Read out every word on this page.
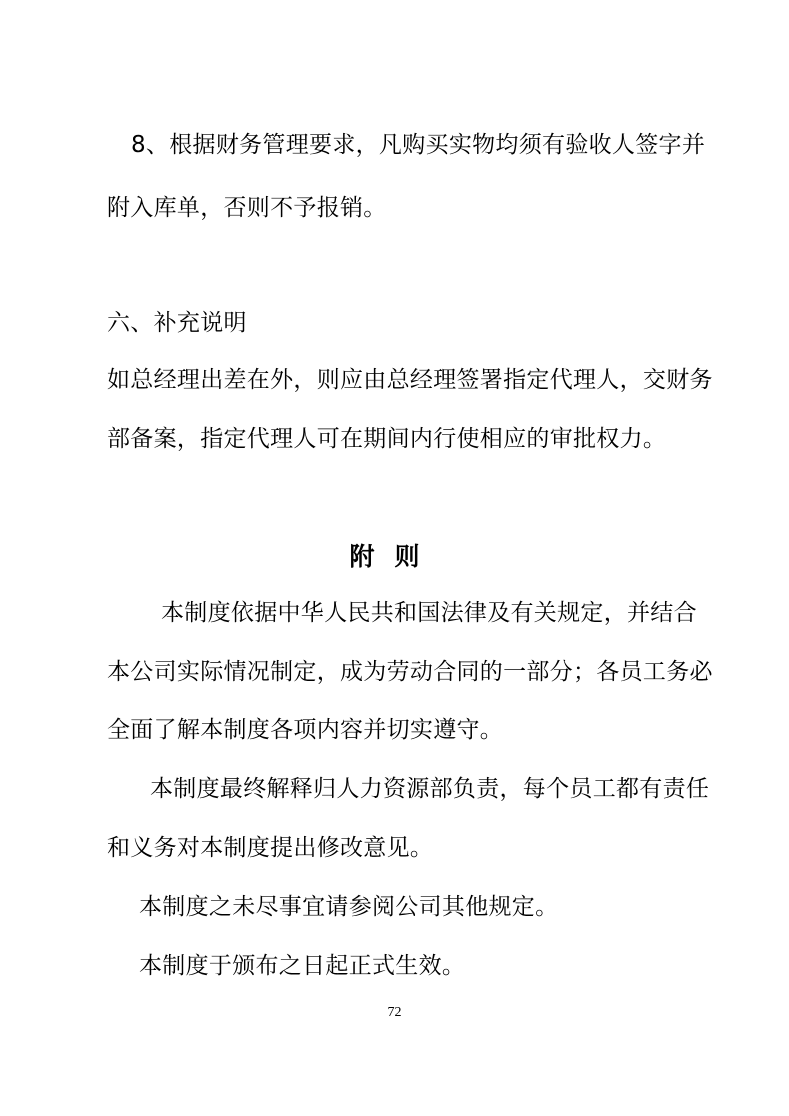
8、根据财务管理要求，凡购买实物均须有验收人签字并
附入库单，否则不予报销。
六、补充说明
如总经理出差在外，则应由总经理签署指定代理人，交财务
部备案，指定代理人可在期间内行使相应的审批权力。
附则
本制度依据中华人民共和国法律及有关规定，并结合
本公司实际情况制定，成为劳动合同的一部分；各员工务必
全面了解本制度各项内容并切实遵守。
本制度最终解释归人力资源部负责，每个员工都有责任
和义务对本制度提出修改意见。
本制度之未尽事宜请参阅公司其他规定。
本制度于颁布之日起正式生效。
72
